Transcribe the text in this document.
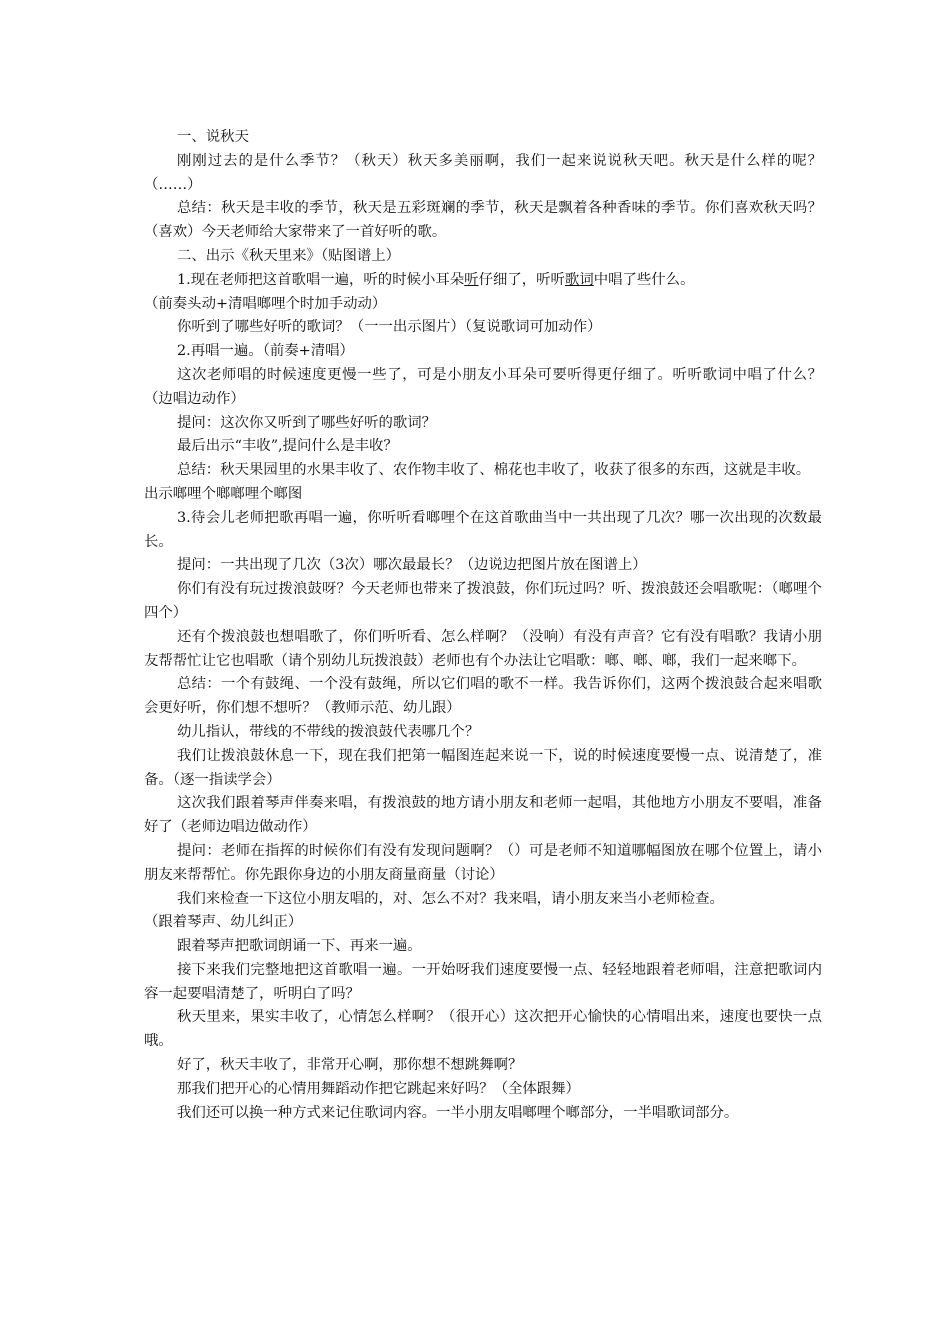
一、说秋天

刚刚过去的是什么季节？（秋天）秋天多美丽啊，我们一起来说说秋天吧。秋天是什么样的呢？（……）

总结：秋天是丰收的季节，秋天是五彩斑斓的季节，秋天是飘着各种香味的季节。你们喜欢秋天吗？（喜欢）今天老师给大家带来了一首好听的歌。

二、出示《秋天里来》（贴图谱上）

1.现在老师把这首歌唱一遍，听的时候小耳朵听仔细了，听听歌词中唱了些什么。

（前奏头动+清唱啷哩个时加手动动）

你听到了哪些好听的歌词？（一一出示图片）（复说歌词可加动作）

2.再唱一遍。（前奏+清唱）

这次老师唱的时候速度更慢一些了，可是小朋友小耳朵可要听得更仔细了。听听歌词中唱了什么？（边唱边动作）

提问：这次你又听到了哪些好听的歌词？

最后出示“丰收”,提问什么是丰收？

总结：秋天果园里的水果丰收了、农作物丰收了、棉花也丰收了，收获了很多的东西，这就是丰收。

出示啷哩个啷啷哩个啷图

3.待会儿老师把歌再唱一遍，你听听看啷哩个在这首歌曲当中一共出现了几次？哪一次出现的次数最长。

提问：一共出现了几次（3次）哪次最最长？（边说边把图片放在图谱上）

你们有没有玩过拨浪鼓呀？今天老师也带来了拨浪鼓，你们玩过吗？听、拨浪鼓还会唱歌呢：（啷哩个四个）

还有个拨浪鼓也想唱歌了，你们听听看、怎么样啊？（没响）有没有声音？它有没有唱歌？我请小朋友帮帮忙让它也唱歌（请个别幼儿玩拨浪鼓）老师也有个办法让它唱歌：啷、啷、啷，我们一起来啷下。

总结：一个有鼓绳、一个没有鼓绳，所以它们唱的歌不一样。我告诉你们，这两个拨浪鼓合起来唱歌会更好听，你们想不想听？（教师示范、幼儿跟）

幼儿指认，带线的不带线的拨浪鼓代表哪几个？

我们让拨浪鼓休息一下，现在我们把第一幅图连起来说一下，说的时候速度要慢一点、说清楚了，准备。（逐一指读学会）

这次我们跟着琴声伴奏来唱，有拨浪鼓的地方请小朋友和老师一起唱，其他地方小朋友不要唱，准备好了（老师边唱边做动作）

提问：老师在指挥的时候你们有没有发现问题啊？（）可是老师不知道哪幅图放在哪个位置上，请小朋友来帮帮忙。你先跟你身边的小朋友商量商量（讨论）

我们来检查一下这位小朋友唱的，对、怎么不对？我来唱，请小朋友来当小老师检查。

（跟着琴声、幼儿纠正）

跟着琴声把歌词朗诵一下、再来一遍。

接下来我们完整地把这首歌唱一遍。一开始呀我们速度要慢一点、轻轻地跟着老师唱，注意把歌词内容一起要唱清楚了，听明白了吗？

秋天里来，果实丰收了，心情怎么样啊？（很开心）这次把开心愉快的心情唱出来，速度也要快一点哦。

好了，秋天丰收了，非常开心啊，那你想不想跳舞啊？

那我们把开心的心情用舞蹈动作把它跳起来好吗？（全体跟舞）

我们还可以换一种方式来记住歌词内容。一半小朋友唱啷哩个啷部分，一半唱歌词部分。
